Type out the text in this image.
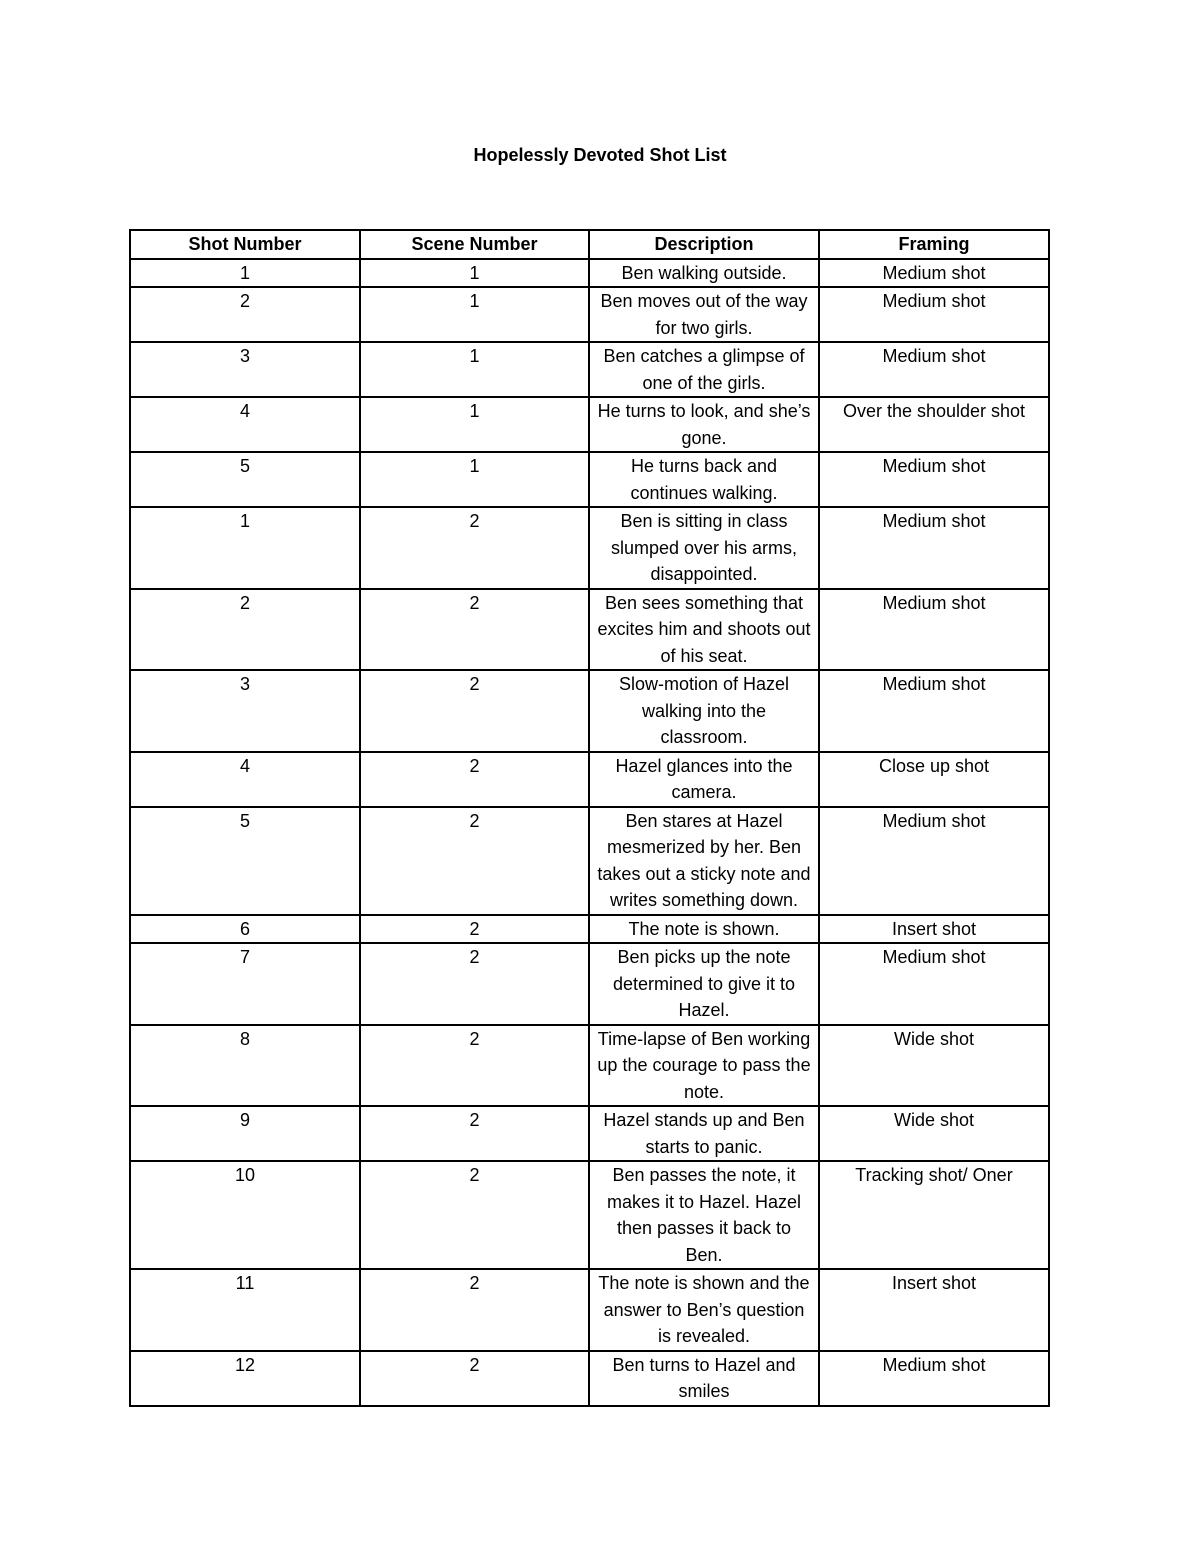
Hopelessly Devoted Shot List
Shot Number	Scene Number	Description	Framing
1	1	Ben walking outside.	Medium shot
2	1	Ben moves out of the way for two girls.	Medium shot
3	1	Ben catches a glimpse of one of the girls.	Medium shot
4	1	He turns to look, and she’s gone.	Over the shoulder shot
5	1	He turns back and continues walking.	Medium shot
1	2	Ben is sitting in class slumped over his arms, disappointed.	Medium shot
2	2	Ben sees something that excites him and shoots out of his seat.	Medium shot
3	2	Slow-motion of Hazel walking into the classroom.	Medium shot
4	2	Hazel glances into the camera.	Close up shot
5	2	Ben stares at Hazel mesmerized by her. Ben takes out a sticky note and writes something down.	Medium shot
6	2	The note is shown.	Insert shot
7	2	Ben picks up the note determined to give it to Hazel.	Medium shot
8	2	Time-lapse of Ben working up the courage to pass the note.	Wide shot
9	2	Hazel stands up and Ben starts to panic.	Wide shot
10	2	Ben passes the note, it makes it to Hazel. Hazel then passes it back to Ben.	Tracking shot/ Oner
11	2	The note is shown and the answer to Ben’s question is revealed.	Insert shot
12	2	Ben turns to Hazel and smiles	Medium shot
